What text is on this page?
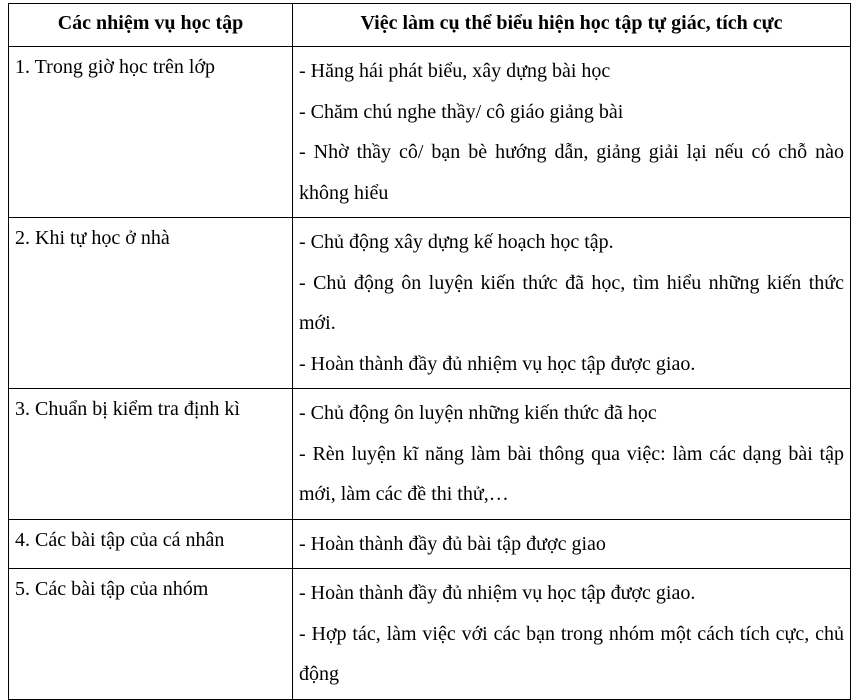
Các nhiệm vụ học tập	Việc làm cụ thể biểu hiện học tập tự giác, tích cực
1. Trong giờ học trên lớp	- Hăng hái phát biểu, xây dựng bài học
- Chăm chú nghe thầy/ cô giáo giảng bài
- Nhờ thầy cô/ bạn bè hướng dẫn, giảng giải lại nếu có chỗ nào không hiểu

2. Khi tự học ở nhà	- Chủ động xây dựng kế hoạch học tập.
- Chủ động ôn luyện kiến thức đã học, tìm hiểu những kiến thức mới.
- Hoàn thành đầy đủ nhiệm vụ học tập được giao.

3. Chuẩn bị kiểm tra định kì	- Chủ động ôn luyện những kiến thức đã học
- Rèn luyện kĩ năng làm bài thông qua việc: làm các dạng bài tập mới, làm các đề thi thử,…

4. Các bài tập của cá nhân	- Hoàn thành đầy đủ bài tập được giao

5. Các bài tập của nhóm	- Hoàn thành đầy đủ nhiệm vụ học tập được giao.
- Hợp tác, làm việc với các bạn trong nhóm một cách tích cực, chủ động
